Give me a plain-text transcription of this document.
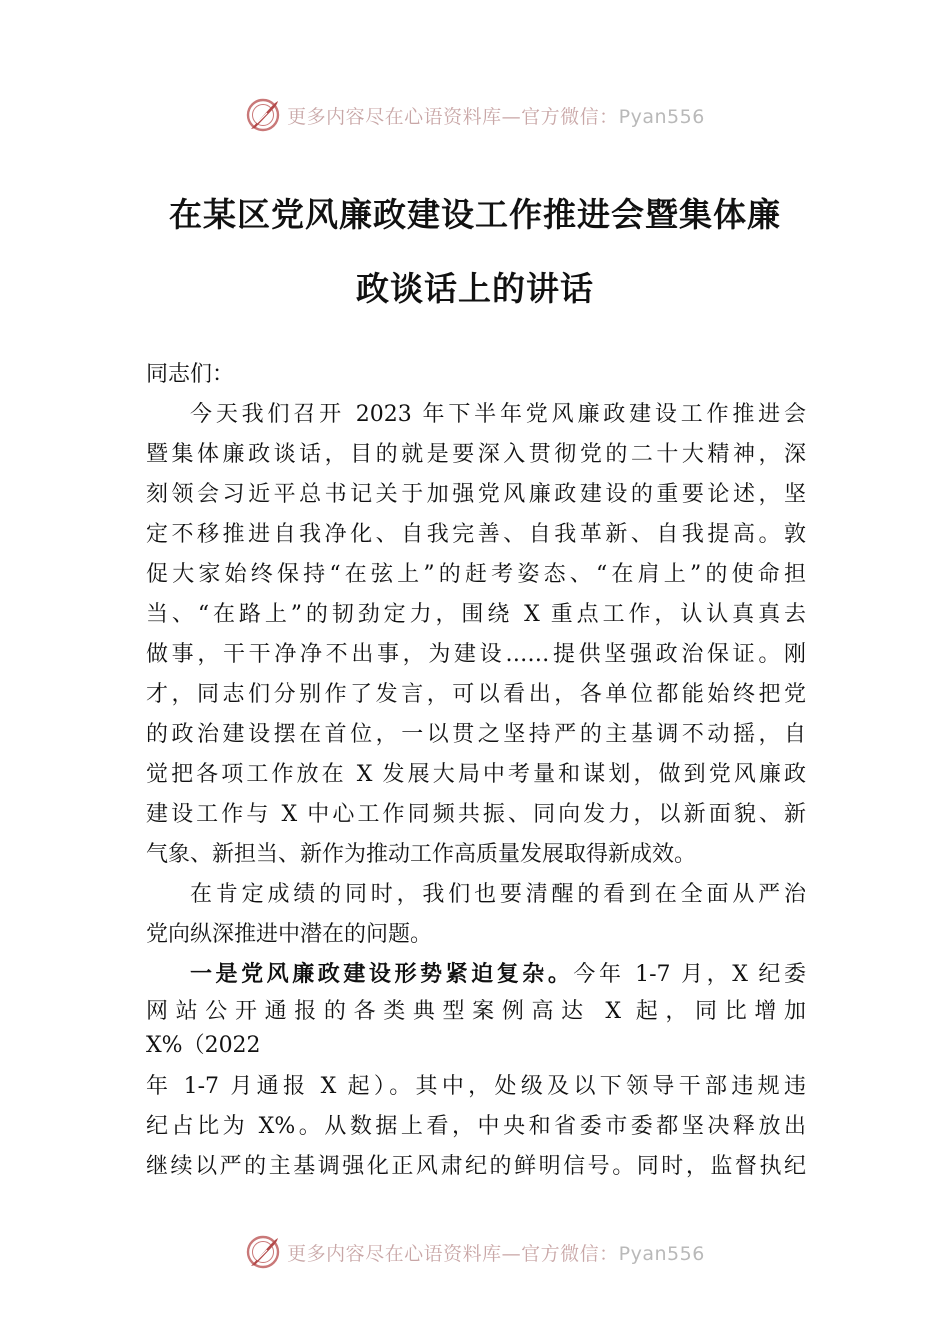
更多内容尽在心语资料库—官方微信：Pyan556
在某区党风廉政建设工作推进会暨集体廉
政谈话上的讲话

同志们：

今天我们召开 2023 年下半年党风廉政建设工作推进会
暨集体廉政谈话，目的就是要深入贯彻党的二十大精神，深
刻领会习近平总书记关于加强党风廉政建设的重要论述，坚
定不移推进自我净化、自我完善、自我革新、自我提高。敦
促大家始终保持“在弦上”的赶考姿态、“在肩上”的使命担
当、“在路上”的韧劲定力，围绕 X 重点工作，认认真真去
做事，干干净净不出事，为建设……提供坚强政治保证。刚
才，同志们分别作了发言，可以看出，各单位都能始终把党
的政治建设摆在首位，一以贯之坚持严的主基调不动摇，自
觉把各项工作放在 X 发展大局中考量和谋划，做到党风廉政
建设工作与 X 中心工作同频共振、同向发力，以新面貌、新
气象、新担当、新作为推动工作高质量发展取得新成效。

在肯定成绩的同时，我们也要清醒的看到在全面从严治
党向纵深推进中潜在的问题。

一是党风廉政建设形势紧迫复杂。今年 1-7 月，X 纪委
网站公开通报的各类典型案例高达 X 起，同比增加
X%（2022
年 1-7 月通报 X 起）。其中，处级及以下领导干部违规违
纪占比为 X%。从数据上看，中央和省委市委都坚决释放出
继续以严的主基调强化正风肃纪的鲜明信号。同时，监督执纪

更多内容尽在心语资料库—官方微信：Pyan556
